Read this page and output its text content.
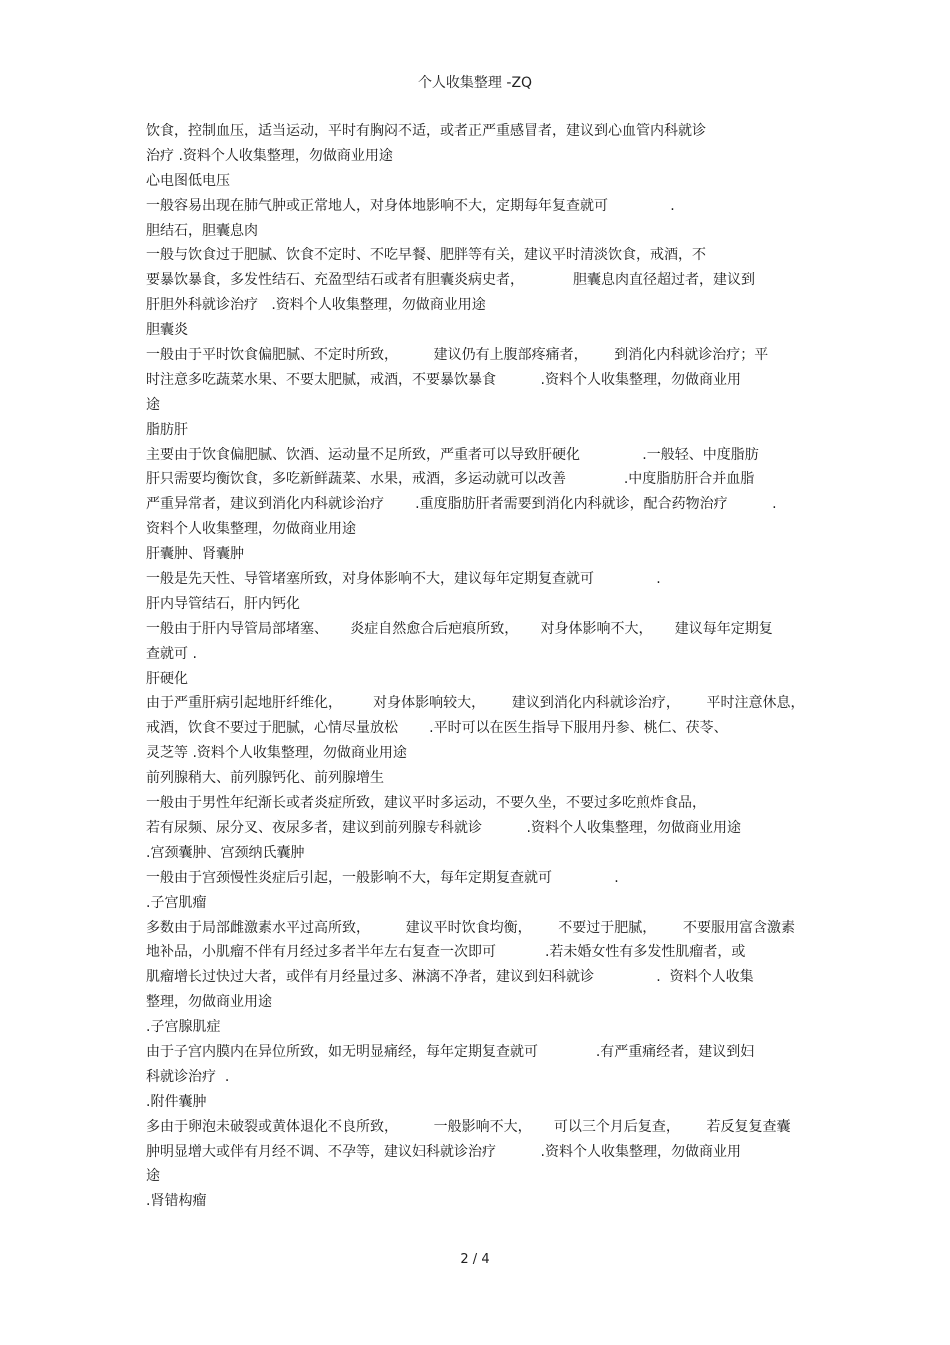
个人收集整理 -ZQ
饮食，控制血压，适当运动，平时有胸闷不适，或者正严重感冒者，建议到心血管内科就诊
治疗 .资料个人收集整理，勿做商业用途
心电图低电压
一般容易出现在肺气肿或正常地人，对身体地影响不大，定期每年复查就可              .
胆结石，胆囊息肉
一般与饮食过于肥腻、饮食不定时、不吃早餐、肥胖等有关，建议平时清淡饮食，戒酒，不
要暴饮暴食，多发性结石、充盈型结石或者有胆囊炎病史者，           胆囊息肉直径超过者，建议到
肝胆外科就诊治疗   .资料个人收集整理，勿做商业用途
胆囊炎
一般由于平时饮食偏肥腻、不定时所致，        建议仍有上腹部疼痛者，      到消化内科就诊治疗；平
时注意多吃蔬菜水果、不要太肥腻，戒酒，不要暴饮暴食          .资料个人收集整理，勿做商业用
途
脂肪肝
主要由于饮食偏肥腻、饮酒、运动量不足所致，严重者可以导致肝硬化              .一般轻、中度脂肪
肝只需要均衡饮食，多吃新鲜蔬菜、水果，戒酒，多运动就可以改善             .中度脂肪肝合并血脂
严重异常者，建议到消化内科就诊治疗       .重度脂肪肝者需要到消化内科就诊，配合药物治疗          .
资料个人收集整理，勿做商业用途
肝囊肿、肾囊肿
一般是先天性、导管堵塞所致，对身体影响不大，建议每年定期复查就可              .
肝内导管结石，肝内钙化
一般由于肝内导管局部堵塞、     炎症自然愈合后疤痕所致，     对身体影响不大，     建议每年定期复
查就可 .
肝硬化
由于严重肝病引起地肝纤维化，       对身体影响较大，      建议到消化内科就诊治疗，      平时注意休息，
戒酒，饮食不要过于肥腻，心情尽量放松       .平时可以在医生指导下服用丹参、桃仁、茯苓、
灵芝等 .资料个人收集整理，勿做商业用途
前列腺稍大、前列腺钙化、前列腺增生
一般由于男性年纪渐长或者炎症所致，建议平时多运动，不要久坐，不要过多吃煎炸食品，
若有尿频、尿分叉、夜尿多者，建议到前列腺专科就诊          .资料个人收集整理，勿做商业用途
.宫颈囊肿、宫颈纳氏囊肿
一般由于宫颈慢性炎症后引起，一般影响不大，每年定期复查就可              .
.子宫肌瘤
多数由于局部雌激素水平过高所致，        建议平时饮食均衡，      不要过于肥腻，      不要服用富含激素
地补品，小肌瘤不伴有月经过多者半年左右复查一次即可           .若未婚女性有多发性肌瘤者，或
肌瘤增长过快过大者，或伴有月经量过多、淋漓不净者，建议到妇科就诊              .  资料个人收集
整理，勿做商业用途
.子宫腺肌症
由于子宫内膜内在异位所致，如无明显痛经，每年定期复查就可             .有严重痛经者，建议到妇
科就诊治疗  .
.附件囊肿
多由于卵泡未破裂或黄体退化不良所致，        一般影响不大，     可以三个月后复查，      若反复复查囊
肿明显增大或伴有月经不调、不孕等，建议妇科就诊治疗          .资料个人收集整理，勿做商业用
途
.肾错构瘤
2 / 4
